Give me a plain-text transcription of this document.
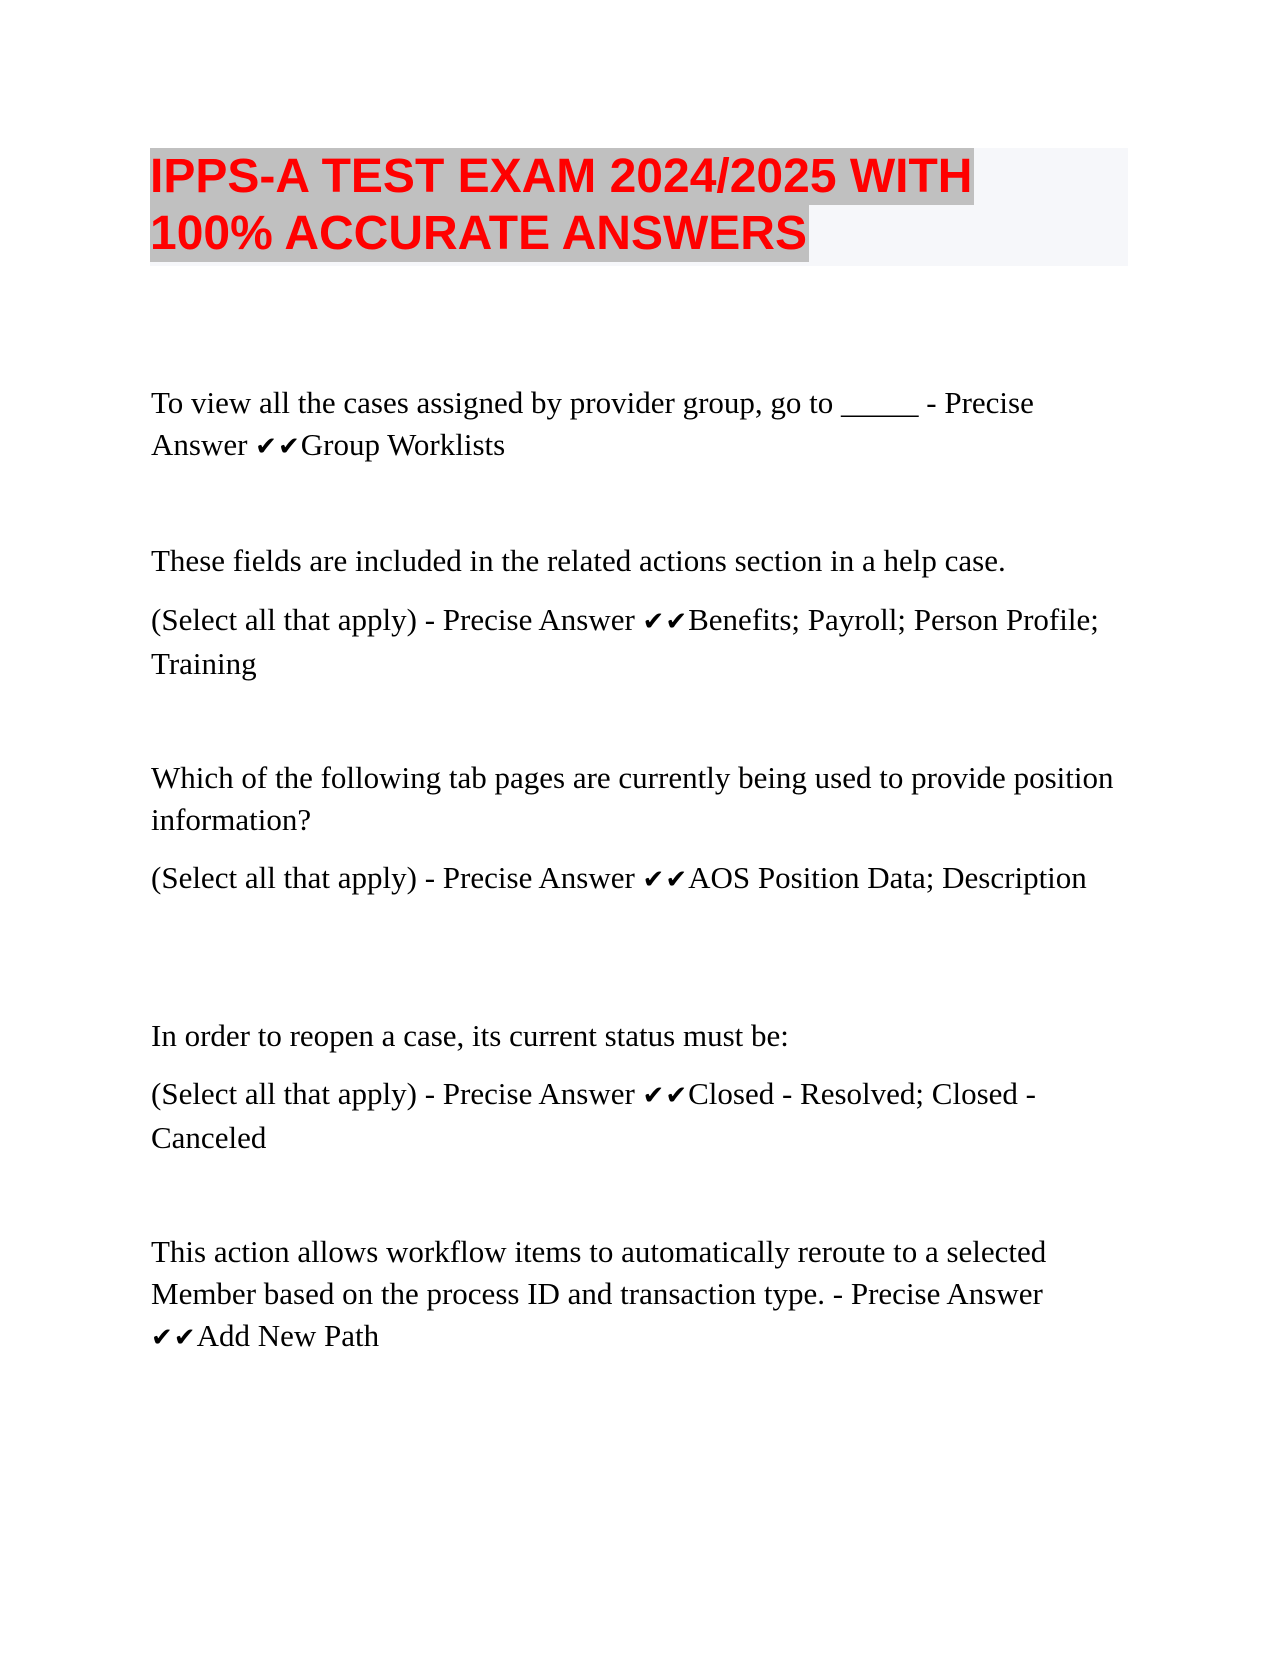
IPPS-A TEST EXAM 2024/2025 WITH
100% ACCURATE ANSWERS

To view all the cases assigned by provider group, go to _____ - Precise
Answer ✔✔Group Worklists

These fields are included in the related actions section in a help case.

(Select all that apply) - Precise Answer ✔✔Benefits; Payroll; Person Profile; Training

Which of the following tab pages are currently being used to provide position information?

(Select all that apply) - Precise Answer ✔✔AOS Position Data; Description

In order to reopen a case, its current status must be:

(Select all that apply) - Precise Answer ✔✔Closed - Resolved; Closed - Canceled

This action allows workflow items to automatically reroute to a selected Member based on the process ID and transaction type. - Precise Answer
✔✔Add New Path
